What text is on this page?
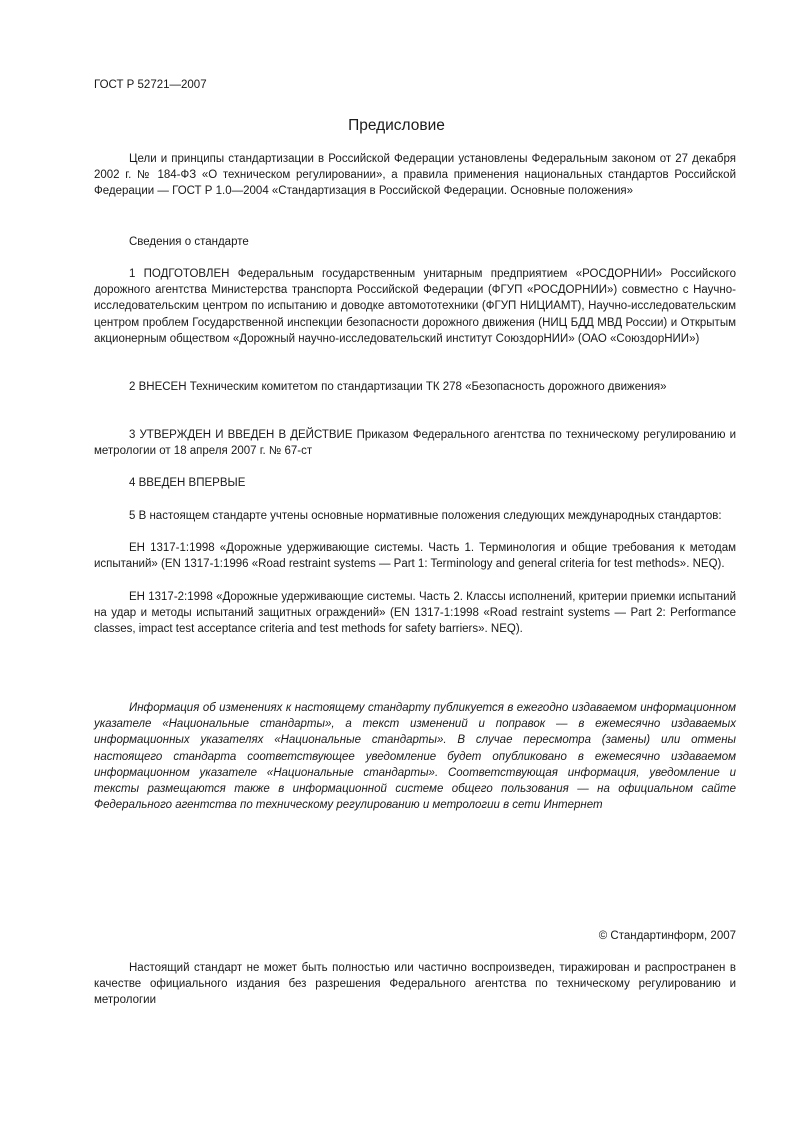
ГОСТ Р 52721—2007
Предисловие

Цели и принципы стандартизации в Российской Федерации установлены Федеральным законом от 27 декабря 2002 г. № 184-ФЗ «О техническом регулировании», а правила применения национальных стандартов Российской Федерации — ГОСТ Р 1.0—2004 «Стандартизация в Российской Федерации. Основные положения»

Сведения о стандарте

1 ПОДГОТОВЛЕН Федеральным государственным унитарным предприятием «РОСДОРНИИ» Российского дорожного агентства Министерства транспорта Российской Федерации (ФГУП «РОСДОРНИИ») совместно с Научно-исследовательским центром по испытанию и доводке автомототехники (ФГУП НИЦИАМТ), Научно-исследовательским центром проблем Государственной инспекции безопасности дорожного движения (НИЦ БДД МВД России) и Открытым акционерным обществом «Дорожный научно-исследовательский институт СоюздорНИИ» (ОАО «СоюздорНИИ»)

2 ВНЕСЕН Техническим комитетом по стандартизации ТК 278 «Безопасность дорожного движения»

3 УТВЕРЖДЕН И ВВЕДЕН В ДЕЙСТВИЕ Приказом Федерального агентства по техническому регулированию и метрологии от 18 апреля 2007 г. № 67-ст

4 ВВЕДЕН ВПЕРВЫЕ

5 В настоящем стандарте учтены основные нормативные положения следующих международных стандартов:

ЕН 1317-1:1998 «Дорожные удерживающие системы. Часть 1. Терминология и общие требования к методам испытаний» (EN 1317-1:1996 «Road restraint systems — Part 1: Terminology and general criteria for test methods». NEQ).

ЕН 1317-2:1998 «Дорожные удерживающие системы. Часть 2. Классы исполнений, критерии приемки испытаний на удар и методы испытаний защитных ограждений» (EN 1317-1:1998 «Road restraint systems — Part 2: Performance classes, impact test acceptance criteria and test methods for safety barriers». NEQ).

Информация об изменениях к настоящему стандарту публикуется в ежегодно издаваемом информационном указателе «Национальные стандарты», а текст изменений и поправок — в ежемесячно издаваемых информационных указателях «Национальные стандарты». В случае пересмотра (замены) или отмены настоящего стандарта соответствующее уведомление будет опубликовано в ежемесячно издаваемом информационном указателе «Национальные стандарты». Соответствующая информация, уведомление и тексты размещаются также в информационной системе общего пользования — на официальном сайте Федерального агентства по техническому регулированию и метрологии в сети Интернет

© Стандартинформ, 2007

Настоящий стандарт не может быть полностью или частично воспроизведен, тиражирован и распространен в качестве официального издания без разрешения Федерального агентства по техническому регулированию и метрологии
